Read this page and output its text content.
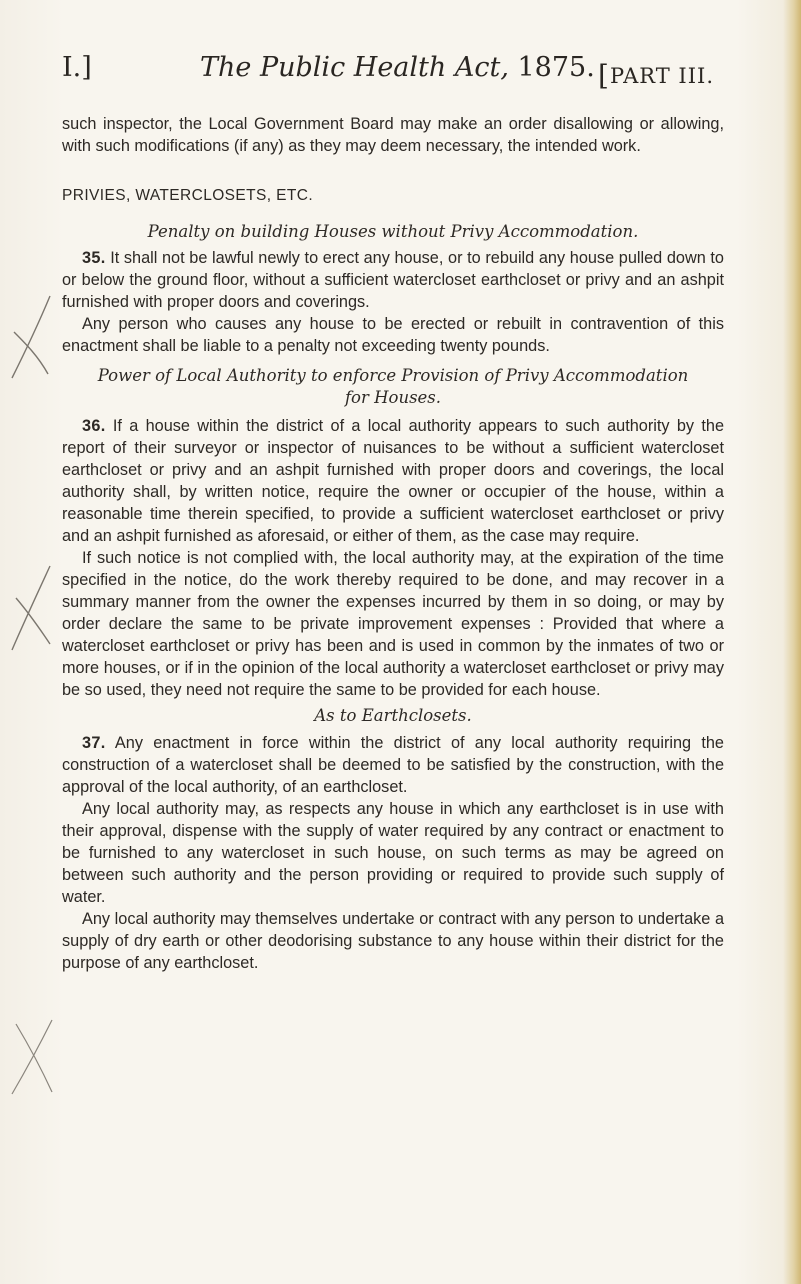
I.]	The Public Health Act, 1875. [PART III.

such inspector, the Local Government Board may make an order disallowing or allowing, with such modifications (if any) as they may deem necessary, the intended work.

PRIVIES, WATERCLOSETS, ETC.

Penalty on building Houses without Privy Accommodation.

35. It shall not be lawful newly to erect any house, or to rebuild any house pulled down to or below the ground floor, without a sufficient watercloset earthcloset or privy and an ashpit furnished with proper doors and coverings.

Any person who causes any house to be erected or rebuilt in contravention of this enactment shall be liable to a penalty not exceeding twenty pounds.

Power of Local Authority to enforce Provision of Privy Accommodation
for Houses.

36. If a house within the district of a local authority appears to such authority by the report of their surveyor or inspector of nuisances to be without a sufficient watercloset earthcloset or privy and an ashpit furnished with proper doors and coverings, the local authority shall, by written notice, require the owner or occupier of the house, within a reasonable time therein specified, to provide a sufficient watercloset earthcloset or privy and an ashpit furnished as aforesaid, or either of them, as the case may require.

If such notice is not complied with, the local authority may, at the expiration of the time specified in the notice, do the work thereby required to be done, and may recover in a summary manner from the owner the expenses incurred by them in so doing, or may by order declare the same to be private improvement expenses : Provided that where a watercloset earthcloset or privy has been and is used in common by the inmates of two or more houses, or if in the opinion of the local authority a watercloset earthcloset or privy may be so used, they need not require the same to be provided for each house.

As to Earthclosets.

37. Any enactment in force within the district of any local authority requiring the construction of a watercloset shall be deemed to be satisfied by the construction, with the approval of the local authority, of an earthcloset.

Any local authority may, as respects any house in which any earthcloset is in use with their approval, dispense with the supply of water required by any contract or enactment to be furnished to any watercloset in such house, on such terms as may be agreed on between such authority and the person providing or required to provide such supply of water.

Any local authority may themselves undertake or contract with any person to undertake a supply of dry earth or other deodorising substance to any house within their district for the purpose of any earthcloset.
